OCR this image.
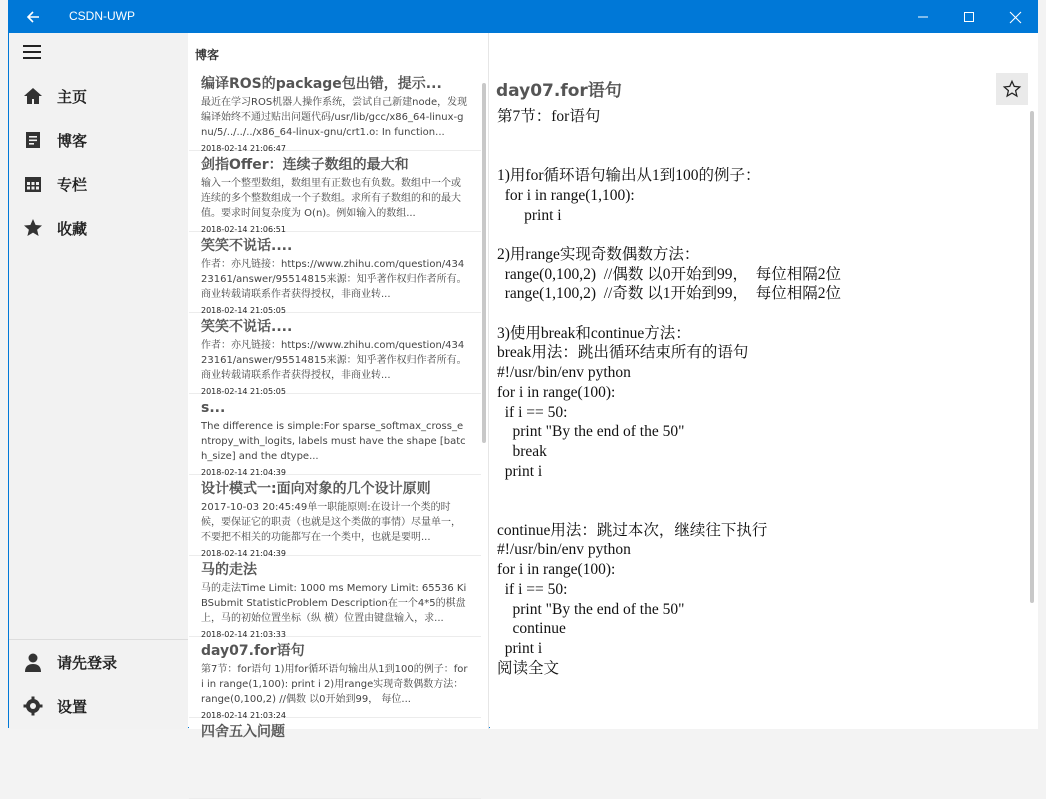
CSDN-UWP
主页
博客
专栏
收藏
请先登录
设置
博客
编译ROS的package包出错，提示...
最近在学习ROS机器人操作系统，尝试自己新建node，发现编译始终不通过贴出问题代码/usr/lib/gcc/x86_64-linux-gnu/5/../../../x86_64-linux-gnu/crt1.o: In function...
2018-02-14 21:06:47
剑指Offer：连续子数组的最大和
输入一个整型数组，数组里有正数也有负数。数组中一个或连续的多个整数组成一个子数组。求所有子数组的和的最大值。要求时间复杂度为 O(n)。例如输入的数组...
2018-02-14 21:06:51
笑笑不说话....
作者：亦凡链接：https://www.zhihu.com/question/43423161/answer/95514815来源：知乎著作权归作者所有。商业转载请联系作者获得授权，非商业转...
2018-02-14 21:05:05
笑笑不说话....
作者：亦凡链接：https://www.zhihu.com/question/43423161/answer/95514815来源：知乎著作权归作者所有。商业转载请联系作者获得授权，非商业转...
2018-02-14 21:05:05
s...
The difference is simple:For sparse_softmax_cross_entropy_with_logits, labels must have the shape [batch_size] and the dtype...
2018-02-14 21:04:39
设计模式一:面向对象的几个设计原则
2017-10-03 20:45:49单一职能原则:在设计一个类的时候，要保证它的职责（也就是这个类做的事情）尽量单一，不要把不相关的功能都写在一个类中，也就是要明...
2018-02-14 21:04:39
马的走法
马的走法Time Limit: 1000 ms Memory Limit: 65536 KiBSubmit StatisticProblem Description在一个4*5的棋盘上，马的初始位置坐标（纵 横）位置由键盘输入，求...
2018-02-14 21:03:33
day07.for语句
第7节：for语句 1)用for循环语句输出从1到100的例子：for i in range(1,100): print i 2)用range实现奇数偶数方法： range(0,100,2) //偶数 以0开始到99， 每位...
2018-02-14 21:03:24
四舍五入问题
day07.for语句
第7节：for语句

1)用for循环语句输出从1到100的例子：
for i in range(1,100):
print i

2)用range实现奇数偶数方法：
range(0,100,2)  //偶数 以0开始到99，  每位相隔2位
range(1,100,2)  //奇数 以1开始到99，  每位相隔2位

3)使用break和continue方法：
break用法：跳出循环结束所有的语句
#!/usr/bin/env python
for i in range(100):
if i == 50:
print "By the end of the 50"
break
print i

continue用法：跳过本次，继续往下执行
#!/usr/bin/env python
for i in range(100):
if i == 50:
print "By the end of the 50"
continue
print i
阅读全文
